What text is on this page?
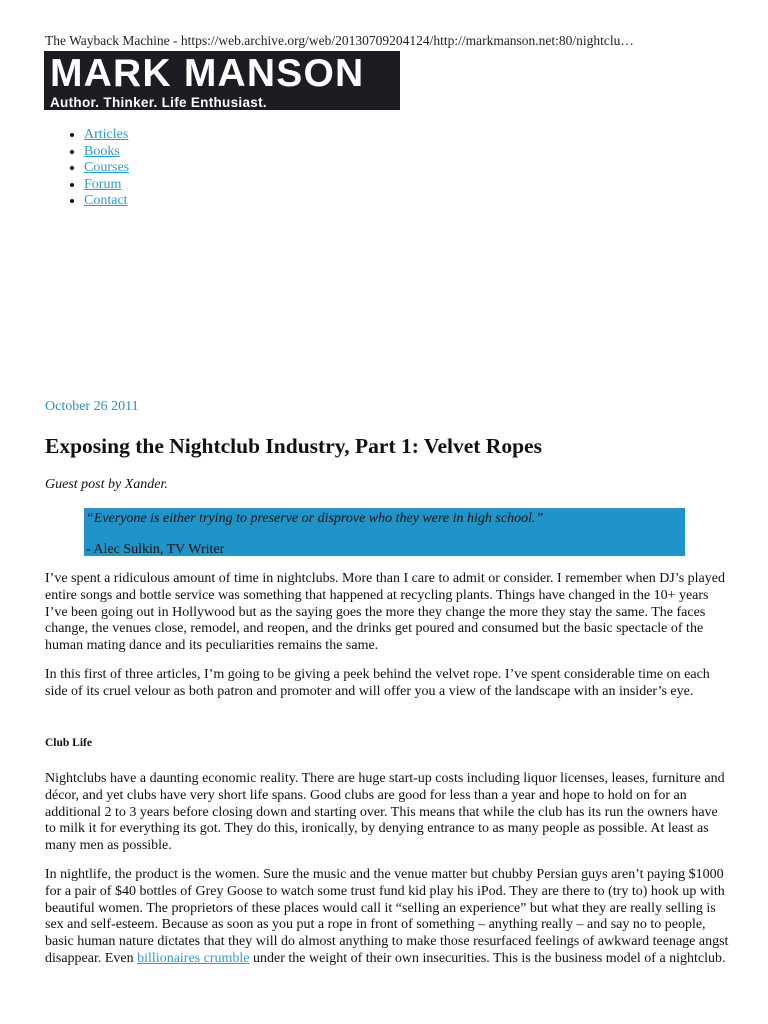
The Wayback Machine - https://web.archive.org/web/20130709204124/http://markmanson.net:80/nightclu…
MARK MANSON
Author. Thinker. Life Enthusiast.
• Articles
• Books
• Courses
• Forum
• Contact
October 26 2011
Exposing the Nightclub Industry, Part 1: Velvet Ropes
Guest post by Xander.
“Everyone is either trying to preserve or disprove who they were in high school.”
- Alec Sulkin, TV Writer

I’ve spent a ridiculous amount of time in nightclubs. More than I care to admit or consider. I remember when DJ’s played entire songs and bottle service was something that happened at recycling plants. Things have changed in the 10+ years I’ve been going out in Hollywood but as the saying goes the more they change the more they stay the same. The faces change, the venues close, remodel, and reopen, and the drinks get poured and consumed but the basic spectacle of the human mating dance and its peculiarities remains the same.

In this first of three articles, I’m going to be giving a peek behind the velvet rope. I’ve spent considerable time on each side of its cruel velour as both patron and promoter and will offer you a view of the landscape with an insider’s eye.

Club Life

Nightclubs have a daunting economic reality. There are huge start-up costs including liquor licenses, leases, furniture and décor, and yet clubs have very short life spans. Good clubs are good for less than a year and hope to hold on for an additional 2 to 3 years before closing down and starting over. This means that while the club has its run the owners have to milk it for everything its got. They do this, ironically, by denying entrance to as many people as possible. At least as many men as possible.

In nightlife, the product is the women. Sure the music and the venue matter but chubby Persian guys aren’t paying $1000 for a pair of $40 bottles of Grey Goose to watch some trust fund kid play his iPod. They are there to (try to) hook up with beautiful women. The proprietors of these places would call it “selling an experience” but what they are really selling is sex and self-esteem. Because as soon as you put a rope in front of something – anything really – and say no to people, basic human nature dictates that they will do almost anything to make those resurfaced feelings of awkward teenage angst disappear. Even billionaires crumble under the weight of their own insecurities. This is the business model of a nightclub.
